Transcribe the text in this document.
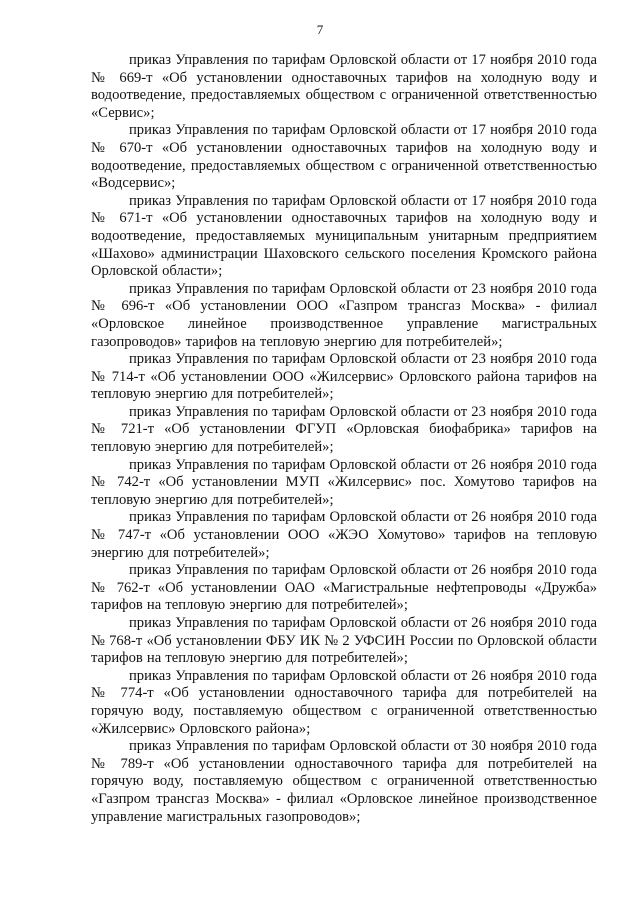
7

приказ Управления по тарифам Орловской области от 17 ноября 2010 года № 669-т «Об установлении одноставочных тарифов на холодную воду и водоотведение, предоставляемых обществом с ограниченной ответственностью «Сервис»;

приказ Управления по тарифам Орловской области от 17 ноября 2010 года № 670-т «Об установлении одноставочных тарифов на холодную воду и водоотведение, предоставляемых обществом с ограниченной ответственностью «Водсервис»;

приказ Управления по тарифам Орловской области от 17 ноября 2010 года № 671-т «Об установлении одноставочных тарифов на холодную воду и водоотведение, предоставляемых муниципальным унитарным предприятием «Шахово» администрации Шаховского сельского поселения Кромского района Орловской области»;

приказ Управления по тарифам Орловской области от 23 ноября 2010 года № 696-т «Об установлении ООО «Газпром трансгаз Москва» - филиал «Орловское линейное производственное управление магистральных газопроводов» тарифов на тепловую энергию для потребителей»;

приказ Управления по тарифам Орловской области от 23 ноября 2010 года № 714-т «Об установлении ООО «Жилсервис» Орловского района тарифов на тепловую энергию для потребителей»;

приказ Управления по тарифам Орловской области от 23 ноября 2010 года № 721-т «Об установлении ФГУП «Орловская биофабрика» тарифов на тепловую энергию для потребителей»;

приказ Управления по тарифам Орловской области от 26 ноября 2010 года № 742-т «Об установлении МУП «Жилсервис» пос. Хомутово тарифов на тепловую энергию для потребителей»;

приказ Управления по тарифам Орловской области от 26 ноября 2010 года № 747-т «Об установлении ООО «ЖЭО Хомутово» тарифов на тепловую энергию для потребителей»;

приказ Управления по тарифам Орловской области от 26 ноября 2010 года № 762-т «Об установлении ОАО «Магистральные нефтепроводы «Дружба» тарифов на тепловую энергию для потребителей»;

приказ Управления по тарифам Орловской области от 26 ноября 2010 года № 768-т «Об установлении ФБУ ИК № 2 УФСИН России по Орловской области тарифов на тепловую энергию для потребителей»;

приказ Управления по тарифам Орловской области от 26 ноября 2010 года № 774-т «Об установлении одноставочного тарифа для потребителей на горячую воду, поставляемую обществом с ограниченной ответственностью «Жилсервис» Орловского района»;

приказ Управления по тарифам Орловской области от 30 ноября 2010 года № 789-т «Об установлении одноставочного тарифа для потребителей на горячую воду, поставляемую обществом с ограниченной ответственностью «Газпром трансгаз Москва» - филиал «Орловское линейное производственное управление магистральных газопроводов»;
